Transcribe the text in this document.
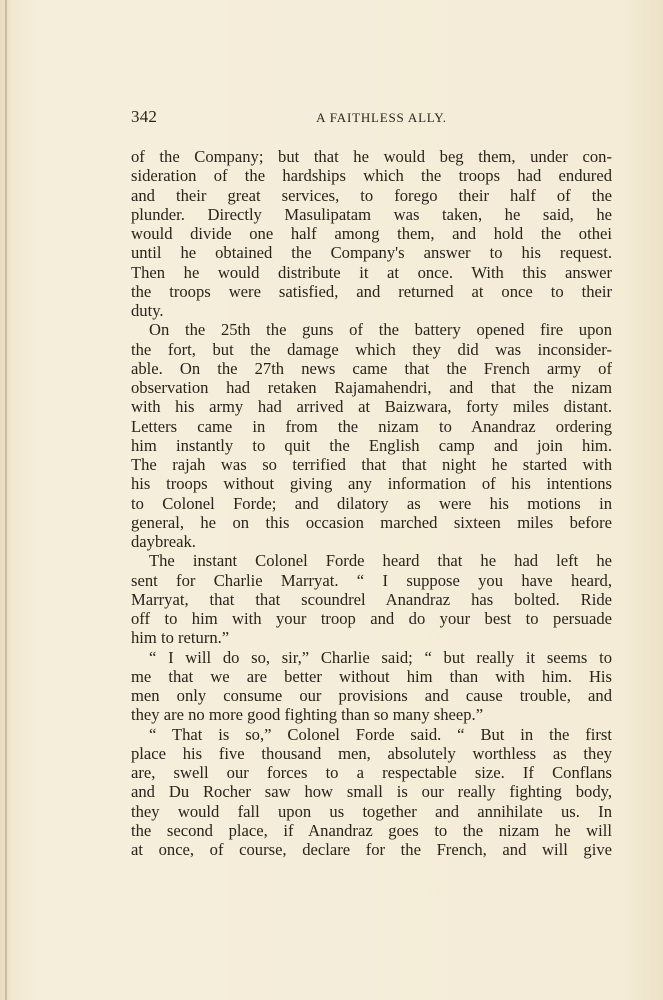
342	A FAITHLESS ALLY.
of the Company; but that he would beg them, under con-
sideration of the hardships which the troops had endured
and their great services, to forego their half of the
plunder. Directly Masulipatam was taken, he said, he
would divide one half among them, and hold the othei
until he obtained the Company's answer to his request.
Then he would distribute it at once. With this answer
the troops were satisfied, and returned at once to their
duty.
On the 25th the guns of the battery opened fire upon
the fort, but the damage which they did was inconsider-
able. On the 27th news came that the French army of
observation had retaken Rajamahendri, and that the nizam
with his army had arrived at Baizwara, forty miles distant.
Letters came in from the nizam to Anandraz ordering
him instantly to quit the English camp and join him.
The rajah was so terrified that that night he started with
his troops without giving any information of his intentions
to Colonel Forde; and dilatory as were his motions in
general, he on this occasion marched sixteen miles before
daybreak.
The instant Colonel Forde heard that he had left he
sent for Charlie Marryat. “ I suppose you have heard,
Marryat, that that scoundrel Anandraz has bolted. Ride
off to him with your troop and do your best to persuade
him to return.”
“ I will do so, sir,” Charlie said; “ but really it seems to
me that we are better without him than with him. His
men only consume our provisions and cause trouble, and
they are no more good fighting than so many sheep.”
“ That is so,” Colonel Forde said. “ But in the first
place his five thousand men, absolutely worthless as they
are, swell our forces to a respectable size. If Conflans
and Du Rocher saw how small is our really fighting body,
they would fall upon us together and annihilate us. In
the second place, if Anandraz goes to the nizam he will
at once, of course, declare for the French, and will give
